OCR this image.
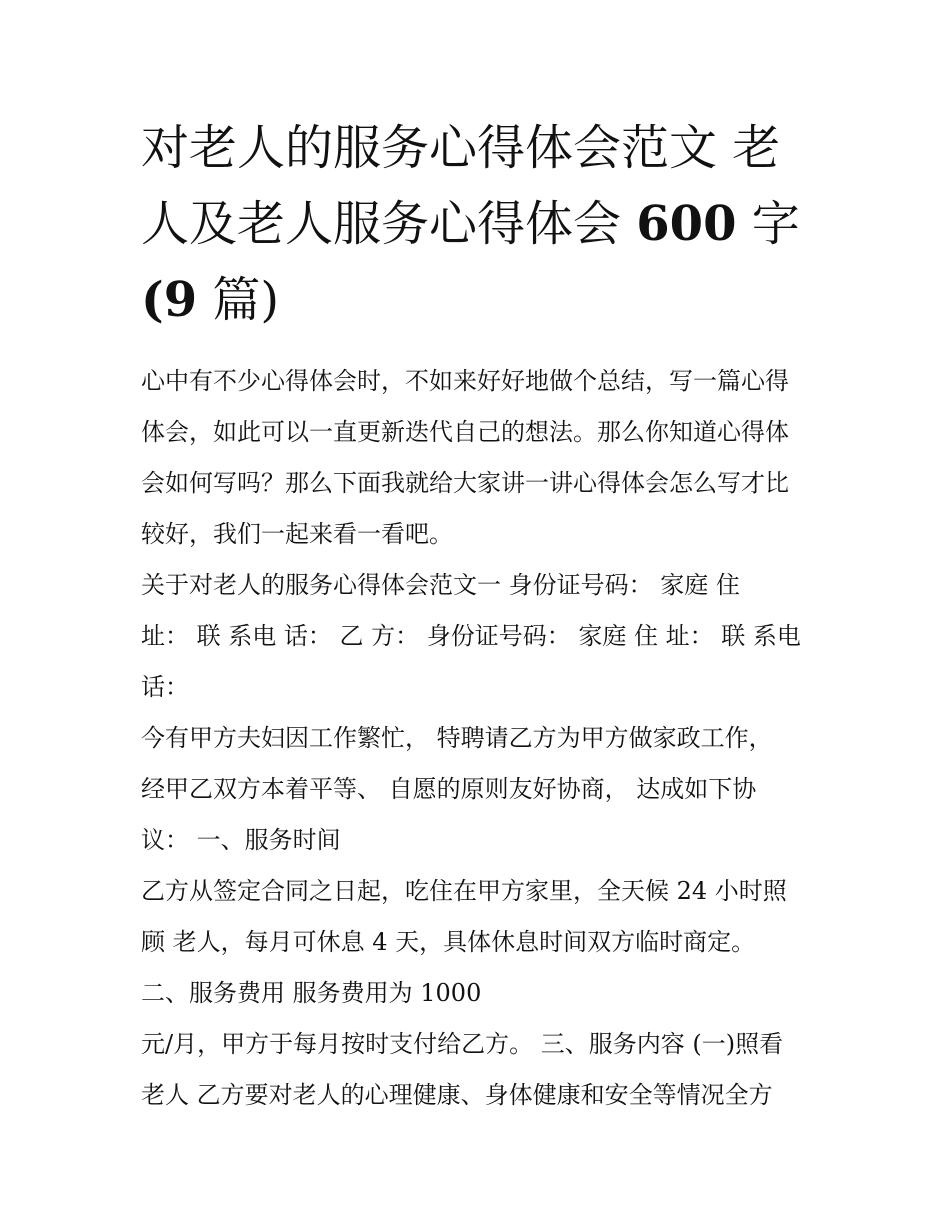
对老人的服务心得体会范文 老
人及老人服务心得体会 600 字
(9 篇)

心中有不少心得体会时，不如来好好地做个总结，写一篇心得
体会，如此可以一直更新迭代自己的想法。那么你知道心得体
会如何写吗？那么下面我就给大家讲一讲心得体会怎么写才比
较好，我们一起来看一看吧。

关于对老人的服务心得体会范文一 身份证号码： 家庭 住
址： 联 系电 话： 乙 方： 身份证号码： 家庭 住 址： 联 系电
话：

今有甲方夫妇因工作繁忙， 特聘请乙方为甲方做家政工作，
经甲乙双方本着平等、 自愿的原则友好协商， 达成如下协
议： 一、服务时间

乙方从签定合同之日起，吃住在甲方家里，全天候 24 小时照
顾 老人，每月可休息 4 天，具体休息时间双方临时商定。

二、服务费用 服务费用为 1000

元/月，甲方于每月按时支付给乙方。 三、服务内容 (一)照看
老人 乙方要对老人的心理健康、身体健康和安全等情况全方
